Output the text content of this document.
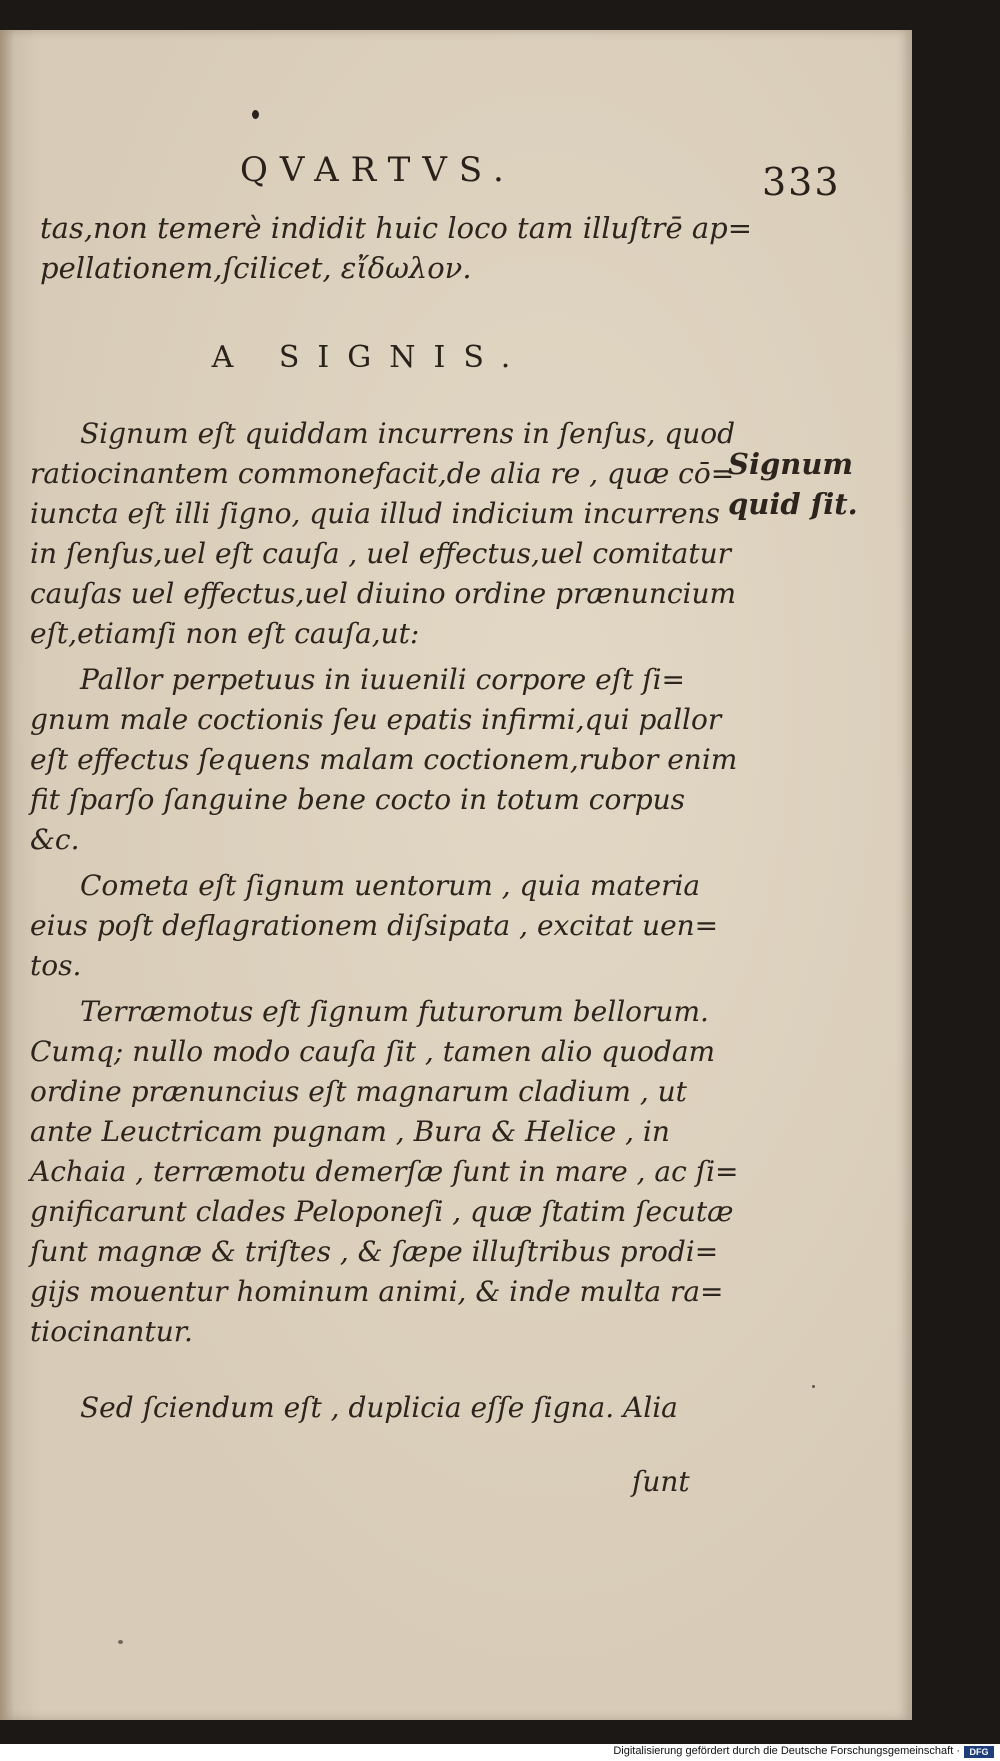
QVARTVS.	333
tas,non temerè indidit huic loco tam illuſtrē ap=
pellationem,ſcilicet, εἴδωλον.
A SIGNIS.
Signum
quid ſit.
Signum eſt quiddam incurrens in ſenſus, quod
ratiocinantem commonefacit,de alia re , quæ cō=
iuncta eſt illi ſigno, quia illud indicium incurrens
in ſenſus,uel eſt cauſa , uel effectus,uel comitatur
cauſas uel effectus,uel diuino ordine prænuncium
eſt,etiamſi non eſt cauſa,ut:
Pallor perpetuus in iuuenili corpore eſt ſi=
gnum male coctionis ſeu epatis infirmi,qui pallor
eſt effectus ſequens malam coctionem,rubor enim
fit ſparſo ſanguine bene cocto in totum corpus
&c.
Cometa eſt ſignum uentorum , quia materia
eius poſt deflagrationem diſsipata , excitat uen=
tos.
Terræmotus eſt ſignum futurorum bellorum.
Cumq; nullo modo cauſa ſit , tamen alio quodam
ordine prænuncius eſt magnarum cladium , ut
ante Leuctricam pugnam , Bura & Helice , in
Achaia , terræmotu demerſæ ſunt in mare , ac ſi=
gnificarunt clades Peloponeſi , quæ ſtatim ſecutæ
ſunt magnæ & triſtes , & ſæpe illuſtribus prodi=
gijs mouentur hominum animi, & inde multa ra=
tiocinantur.
Sed ſciendum eſt , duplicia eſſe ſigna. Alia
ſunt
Digitalisierung gefördert durch die Deutsche Forschungsgemeinschaft ·	DFG
